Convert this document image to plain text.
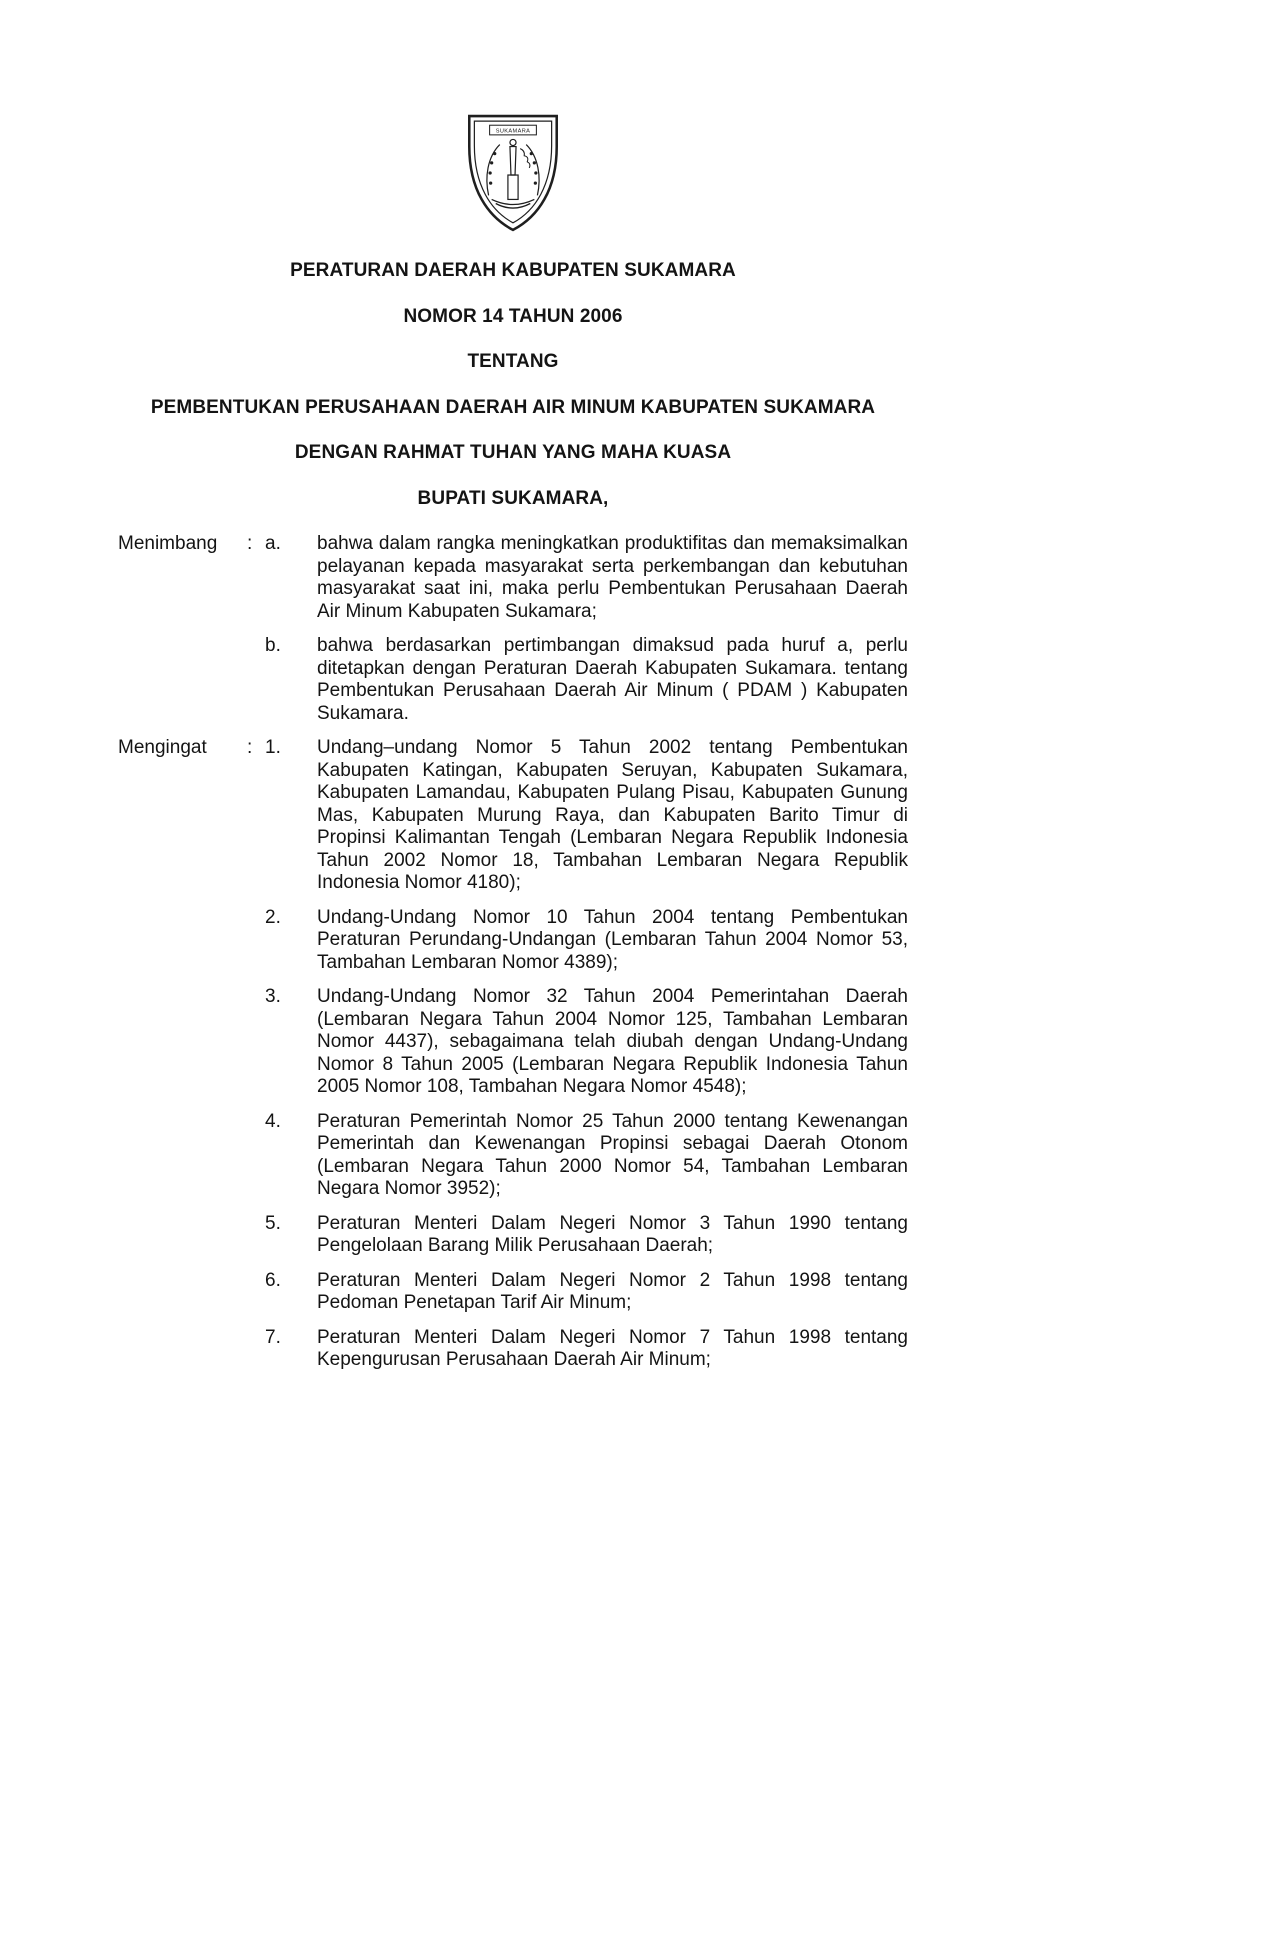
SUKAMARA
PERATURAN DAERAH KABUPATEN SUKAMARA
NOMOR 14 TAHUN 2006
TENTANG
PEMBENTUKAN PERUSAHAAN DAERAH AIR MINUM KABUPATEN SUKAMARA
DENGAN RAHMAT TUHAN YANG MAHA KUASA
BUPATI SUKAMARA,
Menimbang	: a.	bahwa dalam rangka meningkatkan produktifitas dan memaksimalkan pelayanan kepada masyarakat serta perkembangan dan kebutuhan masyarakat saat ini, maka perlu Pembentukan Perusahaan Daerah Air Minum Kabupaten Sukamara;
b.	bahwa berdasarkan pertimbangan dimaksud pada huruf a, perlu ditetapkan dengan Peraturan Daerah Kabupaten Sukamara. tentang Pembentukan Perusahaan Daerah Air Minum ( PDAM ) Kabupaten Sukamara.
Mengingat	: 1.	Undang–undang Nomor 5 Tahun 2002 tentang Pembentukan Kabupaten Katingan, Kabupaten Seruyan, Kabupaten Sukamara, Kabupaten Lamandau, Kabupaten Pulang Pisau, Kabupaten Gunung Mas, Kabupaten Murung Raya, dan Kabupaten Barito Timur di Propinsi Kalimantan Tengah (Lembaran Negara Republik Indonesia Tahun 2002 Nomor 18, Tambahan Lembaran Negara Republik Indonesia Nomor 4180);
2.	Undang-Undang Nomor 10 Tahun 2004 tentang Pembentukan Peraturan Perundang-Undangan (Lembaran Tahun 2004 Nomor 53, Tambahan Lembaran Nomor 4389);
3.	Undang-Undang Nomor 32 Tahun 2004 Pemerintahan Daerah (Lembaran Negara Tahun 2004 Nomor 125, Tambahan Lembaran Nomor 4437), sebagaimana telah diubah dengan Undang-Undang Nomor 8 Tahun 2005 (Lembaran Negara Republik Indonesia Tahun 2005 Nomor 108, Tambahan Negara Nomor 4548);
4.	Peraturan Pemerintah Nomor 25 Tahun 2000 tentang Kewenangan Pemerintah dan Kewenangan Propinsi sebagai Daerah Otonom (Lembaran Negara Tahun 2000 Nomor 54, Tambahan Lembaran Negara Nomor 3952);
5.	Peraturan Menteri Dalam Negeri Nomor 3 Tahun 1990 tentang Pengelolaan Barang Milik Perusahaan Daerah;
6.	Peraturan Menteri Dalam Negeri Nomor 2 Tahun 1998 tentang Pedoman Penetapan Tarif Air Minum;
7.	Peraturan Menteri Dalam Negeri Nomor 7 Tahun 1998 tentang Kepengurusan Perusahaan Daerah Air Minum;
